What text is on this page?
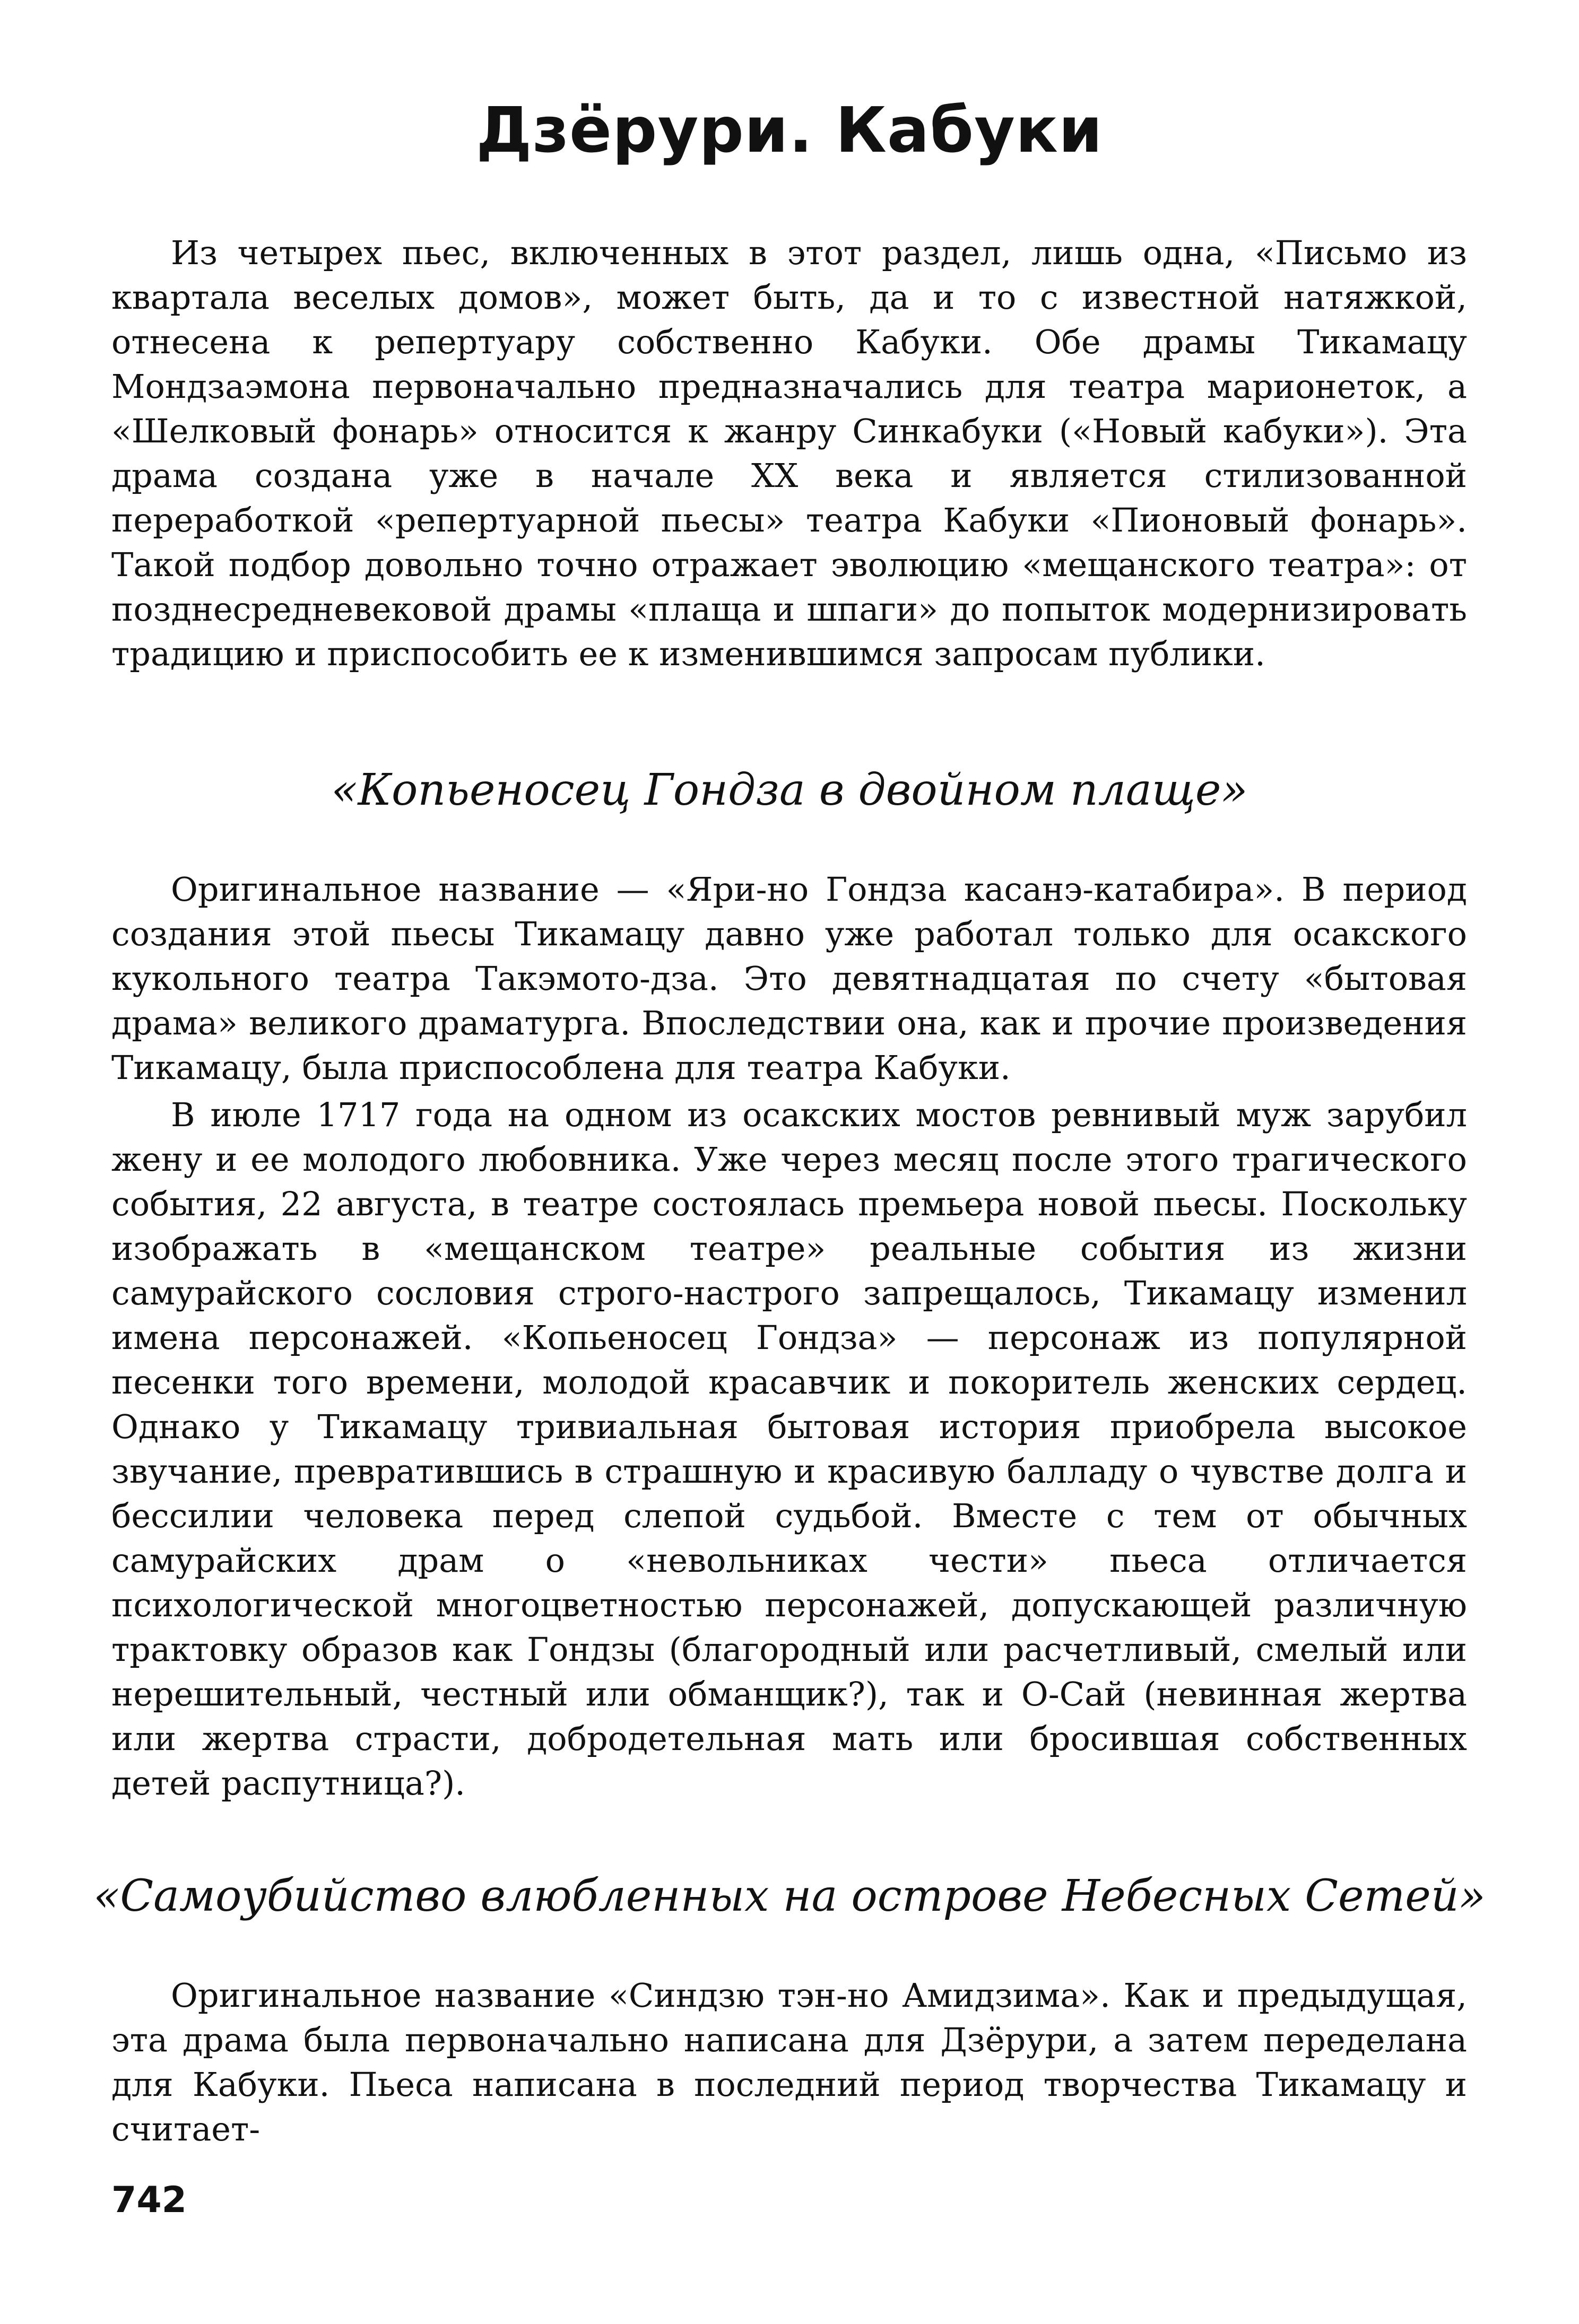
Дзёрури. Кабуки

Из четырех пьес, включенных в этот раздел, лишь одна, «Письмо из квартала веселых домов», может быть, да и то с известной натяжкой, отнесена к репертуару собственно Кабуки. Обе драмы Тикамацу Мондзаэмона первоначально предназначались для театра марионеток, а «Шелковый фонарь» относится к жанру Синкабуки («Новый кабуки»). Эта драма создана уже в начале XX века и является стилизованной переработкой «репертуарной пьесы» театра Кабуки «Пионовый фонарь». Такой подбор довольно точно отражает эволюцию «мещанского театра»: от позднесредневековой драмы «плаща и шпаги» до попыток модернизировать традицию и приспособить ее к изменившимся запросам публики.

«Копьеносец Гондза в двойном плаще»

Оригинальное название — «Яри-но Гондза касанэ-катабира». В период создания этой пьесы Тикамацу давно уже работал только для осакского кукольного театра Такэмото-дза. Это девятнадцатая по счету «бытовая драма» великого драматурга. Впоследствии она, как и прочие произведения Тикамацу, была приспособлена для театра Кабуки.

В июле 1717 года на одном из осакских мостов ревнивый муж зарубил жену и ее молодого любовника. Уже через месяц после этого трагического события, 22 августа, в театре состоялась премьера новой пьесы. Поскольку изображать в «мещанском театре» реальные события из жизни самурайского сословия строго-настрого запрещалось, Тикамацу изменил имена персонажей. «Копьеносец Гондза» — персонаж из популярной песенки того времени, молодой красавчик и покоритель женских сердец. Однако у Тикамацу тривиальная бытовая история приобрела высокое звучание, превратившись в страшную и красивую балладу о чувстве долга и бессилии человека перед слепой судьбой. Вместе с тем от обычных самурайских драм о «невольниках чести» пьеса отличается психологической многоцветностью персонажей, допускающей различную трактовку образов как Гондзы (благородный или расчетливый, смелый или нерешительный, честный или обманщик?), так и О-Сай (невинная жертва или жертва страсти, добродетельная мать или бросившая собственных детей распутница?).

«Самоубийство влюбленных на острове Небесных Сетей»

Оригинальное название «Синдзю тэн-но Амидзима». Как и предыдущая, эта драма была первоначально написана для Дзёрури, а затем переделана для Кабуки. Пьеса написана в последний период творчества Тикамацу и считает-

742
